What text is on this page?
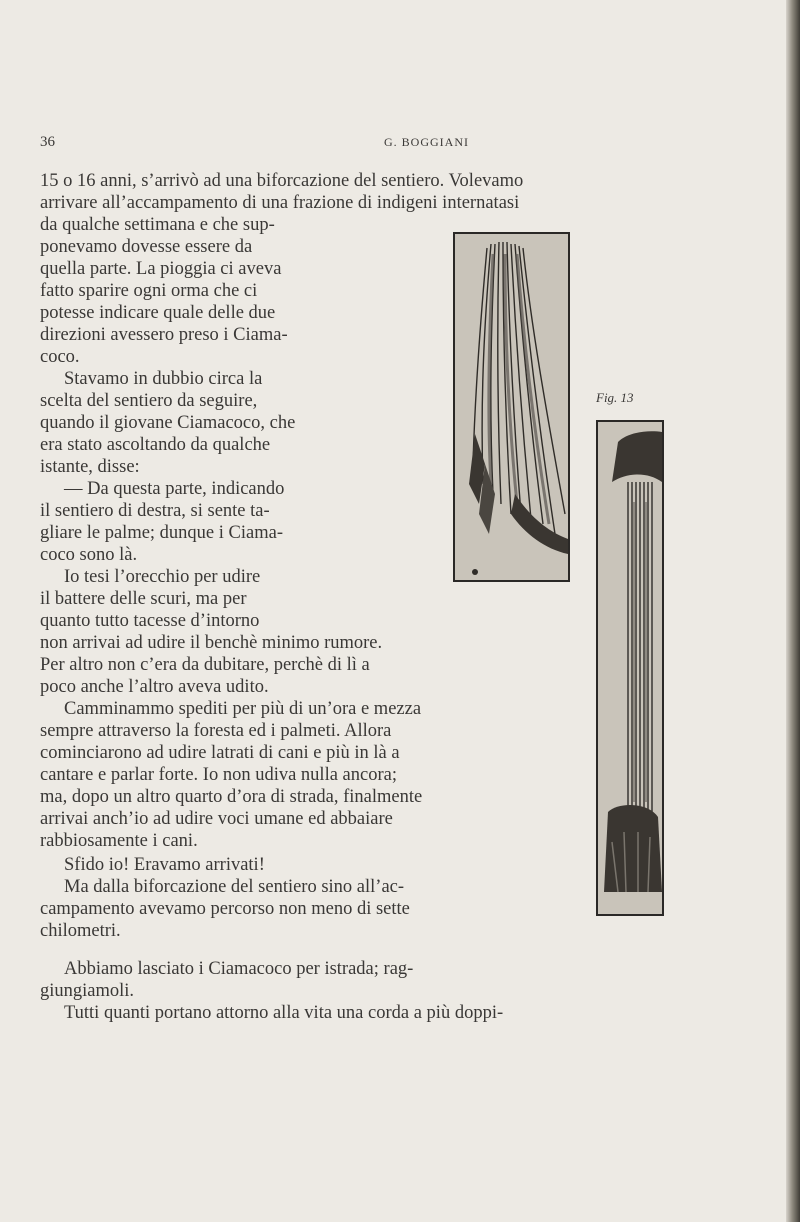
36	G. BOGGIANI
Fig. 13
15 o 16 anni, s’arrivò ad una biforcazione del sentiero. Volevamo
arrivare all’accampamento di una frazione di indigeni internatasi
da qualche settimana e che sup-
ponevamo dovesse essere da
quella parte. La pioggia ci aveva
fatto sparire ogni orma che ci
potesse indicare quale delle due
direzioni avessero preso i Ciama-
coco.
Stavamo in dubbio circa la
scelta del sentiero da seguire,
quando il giovane Ciamacoco, che
era stato ascoltando da qualche
istante, disse:
— Da questa parte, indicando
il sentiero di destra, si sente ta-
gliare le palme; dunque i Ciama-
coco sono là.
Io tesi l’orecchio per udire
il battere delle scuri, ma per
quanto tutto tacesse d’intorno
non arrivai ad udire il benchè minimo rumore.
Per altro non c’era da dubitare, perchè di lì a
poco anche l’altro aveva udito.
Camminammo spediti per più di un’ora e mezza
sempre attraverso la foresta ed i palmeti. Allora
cominciarono ad udire latrati di cani e più in là a
cantare e parlar forte. Io non udiva nulla ancora;
ma, dopo un altro quarto d’ora di strada, finalmente
arrivai anch’io ad udire voci umane ed abbaiare
rabbiosamente i cani.
Sfido io! Eravamo arrivati!
Ma dalla biforcazione del sentiero sino all’ac-
campamento avevamo percorso non meno di sette
chilometri.
Abbiamo lasciato i Ciamacoco per istrada; rag-
giungiamoli.
Tutti quanti portano attorno alla vita una corda a più doppi-
